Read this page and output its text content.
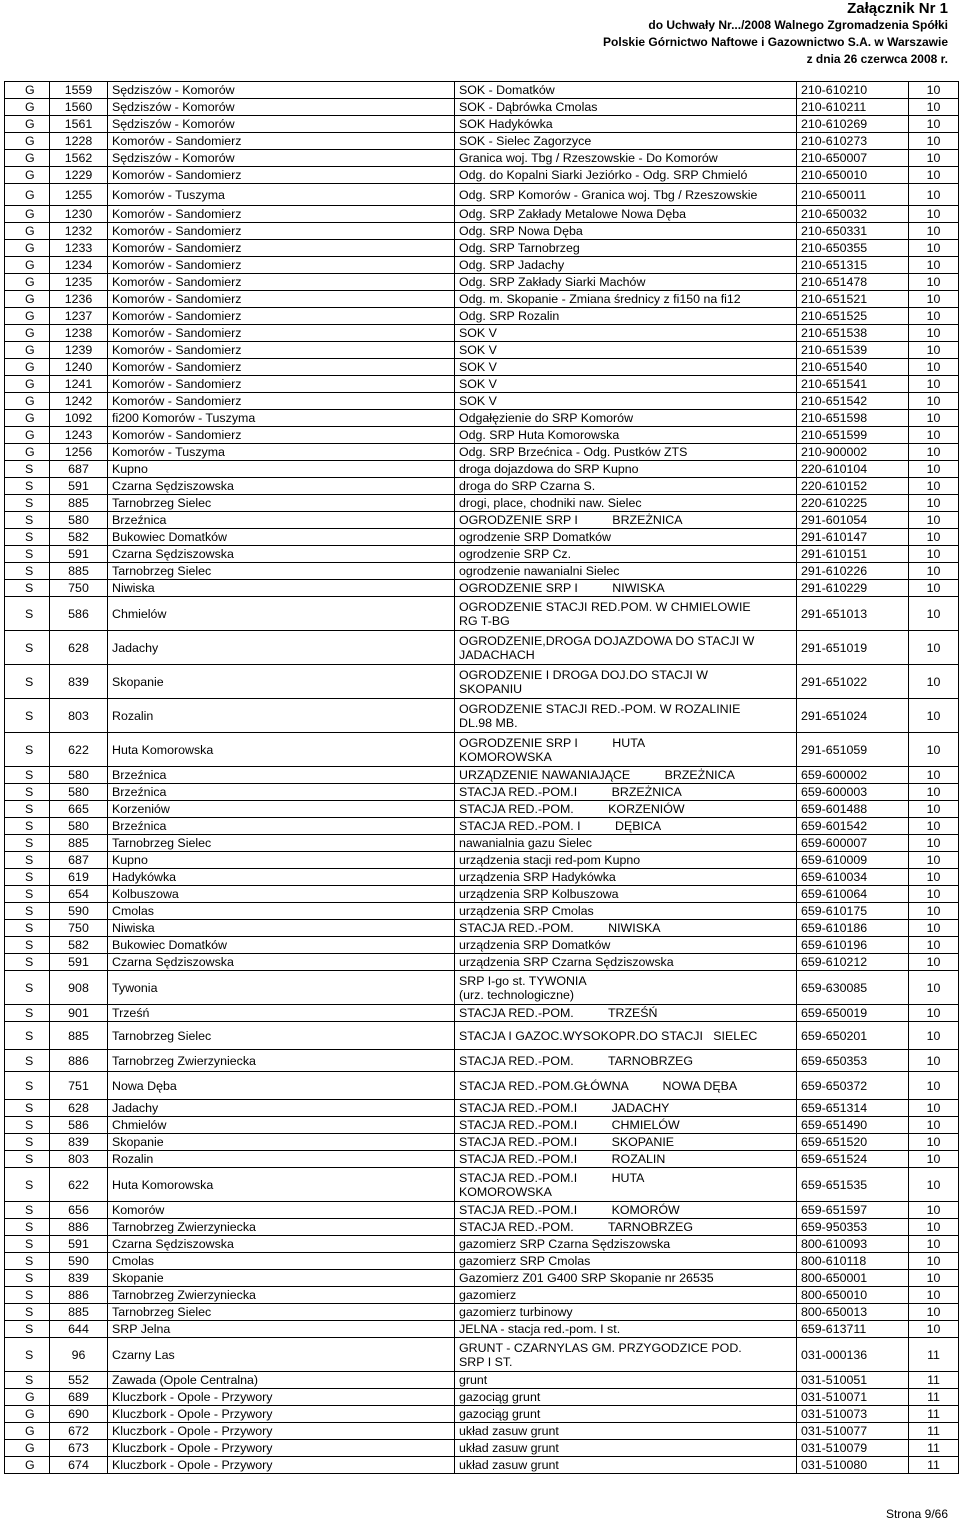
Załącznik Nr 1
do Uchwały Nr.../2008 Walnego Zgromadzenia Spółki
Polskie Górnictwo Naftowe i Gazownictwo S.A. w Warszawie
z dnia 26 czerwca 2008 r.
G	1559	Sędziszów - Komorów	SOK - Domatków	210-610210	10
G	1560	Sędziszów - Komorów	SOK - Dąbrówka Cmolas	210-610211	10
G	1561	Sędziszów - Komorów	SOK Hadykówka	210-610269	10
G	1228	Komorów - Sandomierz	SOK - Sielec Zagorzyce	210-610273	10
G	1562	Sędziszów - Komorów	Granica woj. Tbg / Rzeszowskie - Do Komorów	210-650007	10
G	1229	Komorów - Sandomierz	Odg. do Kopalni Siarki Jeziórko - Odg. SRP Chmieló	210-650010	10
G	1255	Komorów - Tuszyma	Odg. SRP Komorów - Granica woj. Tbg / Rzeszowskie	210-650011	10
G	1230	Komorów - Sandomierz	Odg. SRP Zakłady Metalowe Nowa Dęba	210-650032	10
G	1232	Komorów - Sandomierz	Odg. SRP Nowa Dęba	210-650331	10
G	1233	Komorów - Sandomierz	Odg. SRP Tarnobrzeg	210-650355	10
G	1234	Komorów - Sandomierz	Odg. SRP Jadachy	210-651315	10
G	1235	Komorów - Sandomierz	Odg. SRP Zakłady Siarki Machów	210-651478	10
G	1236	Komorów - Sandomierz	Odg. m. Skopanie - Zmiana średnicy z fi150 na fi12	210-651521	10
G	1237	Komorów - Sandomierz	Odg. SRP Rozalin	210-651525	10
G	1238	Komorów - Sandomierz	SOK V	210-651538	10
G	1239	Komorów - Sandomierz	SOK V	210-651539	10
G	1240	Komorów - Sandomierz	SOK V	210-651540	10
G	1241	Komorów - Sandomierz	SOK V	210-651541	10
G	1242	Komorów - Sandomierz	SOK V	210-651542	10
G	1092	fi200 Komorów - Tuszyma	Odgałęzienie do SRP Komorów	210-651598	10
G	1243	Komorów - Sandomierz	Odg. SRP Huta Komorowska	210-651599	10
G	1256	Komorów - Tuszyma	Odg. SRP Brzećnica - Odg. Pustków ZTS	210-900002	10
S	687	Kupno	droga dojazdowa do SRP Kupno	220-610104	10
S	591	Czarna Sędziszowska	droga do SRP Czarna S.	220-610152	10
S	885	Tarnobrzeg Sielec	drogi, place, chodniki naw. Sielec	220-610225	10
S	580	Brzeźnica	OGRODZENIE SRP I          BRZEŻNICA	291-601054	10
S	582	Bukowiec Domatków	ogrodzenie SRP Domatków	291-610147	10
S	591	Czarna Sędziszowska	ogrodzenie SRP Cz.	291-610151	10
S	885	Tarnobrzeg Sielec	ogrodzenie nawanialni Sielec	291-610226	10
S	750	Niwiska	OGRODZENIE SRP I          NIWISKA	291-610229	10
S	586	Chmielów	OGRODZENIE STACJI RED.POM. W CHMIELOWIE
RG T-BG	291-651013	10
S	628	Jadachy	OGRODZENIE,DROGA DOJAZDOWA DO STACJI W
JADACHACH	291-651019	10
S	839	Skopanie	OGRODZENIE I DROGA DOJ.DO STACJI W
SKOPANIU	291-651022	10
S	803	Rozalin	OGRODZENIE STACJI RED.-POM. W ROZALINIE
DL.98 MB.	291-651024	10
S	622	Huta Komorowska	OGRODZENIE SRP I          HUTA
KOMOROWSKA	291-651059	10
S	580	Brzeźnica	URZĄDZENIE NAWANIAJĄCE          BRZEŻNICA	659-600002	10
S	580	Brzeźnica	STACJA RED.-POM.I          BRZEŻNICA	659-600003	10
S	665	Korzeniów	STACJA RED.-POM.          KORZENIÓW	659-601488	10
S	580	Brzeźnica	STACJA RED.-POM. I          DĘBICA	659-601542	10
S	885	Tarnobrzeg Sielec	nawanialnia gazu Sielec	659-600007	10
S	687	Kupno	urządzenia stacji red-pom Kupno	659-610009	10
S	619	Hadykówka	urządzenia SRP Hadykówka	659-610034	10
S	654	Kolbuszowa	urządzenia SRP Kolbuszowa	659-610064	10
S	590	Cmolas	urządzenia SRP Cmolas	659-610175	10
S	750	Niwiska	STACJA RED.-POM.          NIWISKA	659-610186	10
S	582	Bukowiec Domatków	urządzenia SRP Domatków	659-610196	10
S	591	Czarna Sędziszowska	urządzenia SRP Czarna Sędziszowska	659-610212	10
S	908	Tywonia	SRP I-go st. TYWONIA
(urz. technologiczne)	659-630085	10
S	901	Trześń	STACJA RED.-POM.          TRZEŚŃ	659-650019	10
S	885	Tarnobrzeg Sielec	STACJA I GAZOC.WYSOKOPR.DO STACJI   SIELEC	659-650201	10
S	886	Tarnobrzeg Zwierzyniecka	STACJA RED.-POM.          TARNOBRZEG	659-650353	10
S	751	Nowa Dęba	STACJA RED.-POM.GŁÓWNA          NOWA DĘBA	659-650372	10
S	628	Jadachy	STACJA RED.-POM.I          JADACHY	659-651314	10
S	586	Chmielów	STACJA RED.-POM.I          CHMIELÓW	659-651490	10
S	839	Skopanie	STACJA RED.-POM.I          SKOPANIE	659-651520	10
S	803	Rozalin	STACJA RED.-POM.I          ROZALIN	659-651524	10
S	622	Huta Komorowska	STACJA RED.-POM.I          HUTA
KOMOROWSKA	659-651535	10
S	656	Komorów	STACJA RED.-POM.I          KOMORÓW	659-651597	10
S	886	Tarnobrzeg Zwierzyniecka	STACJA RED.-POM.          TARNOBRZEG	659-950353	10
S	591	Czarna Sędziszowska	gazomierz SRP Czarna Sędziszowska	800-610093	10
S	590	Cmolas	gazomierz SRP Cmolas	800-610118	10
S	839	Skopanie	Gazomierz Z01 G400 SRP Skopanie nr 26535	800-650001	10
S	886	Tarnobrzeg Zwierzyniecka	gazomierz	800-650010	10
S	885	Tarnobrzeg Sielec	gazomierz turbinowy	800-650013	10
S	644	SRP Jelna	JELNA - stacja red.-pom. I st.	659-613711	10
S	96	Czarny Las	GRUNT - CZARNYLAS GM. PRZYGODZICE POD.
SRP I ST.	031-000136	11
S	552	Zawada (Opole Centralna)	grunt	031-510051	11
G	689	Kluczbork - Opole - Przywory	gazociąg grunt	031-510071	11
G	690	Kluczbork - Opole - Przywory	gazociąg grunt	031-510073	11
G	672	Kluczbork - Opole - Przywory	układ zasuw grunt	031-510077	11
G	673	Kluczbork - Opole - Przywory	układ zasuw grunt	031-510079	11
G	674	Kluczbork - Opole - Przywory	układ zasuw grunt	031-510080	11
Strona 9/66
